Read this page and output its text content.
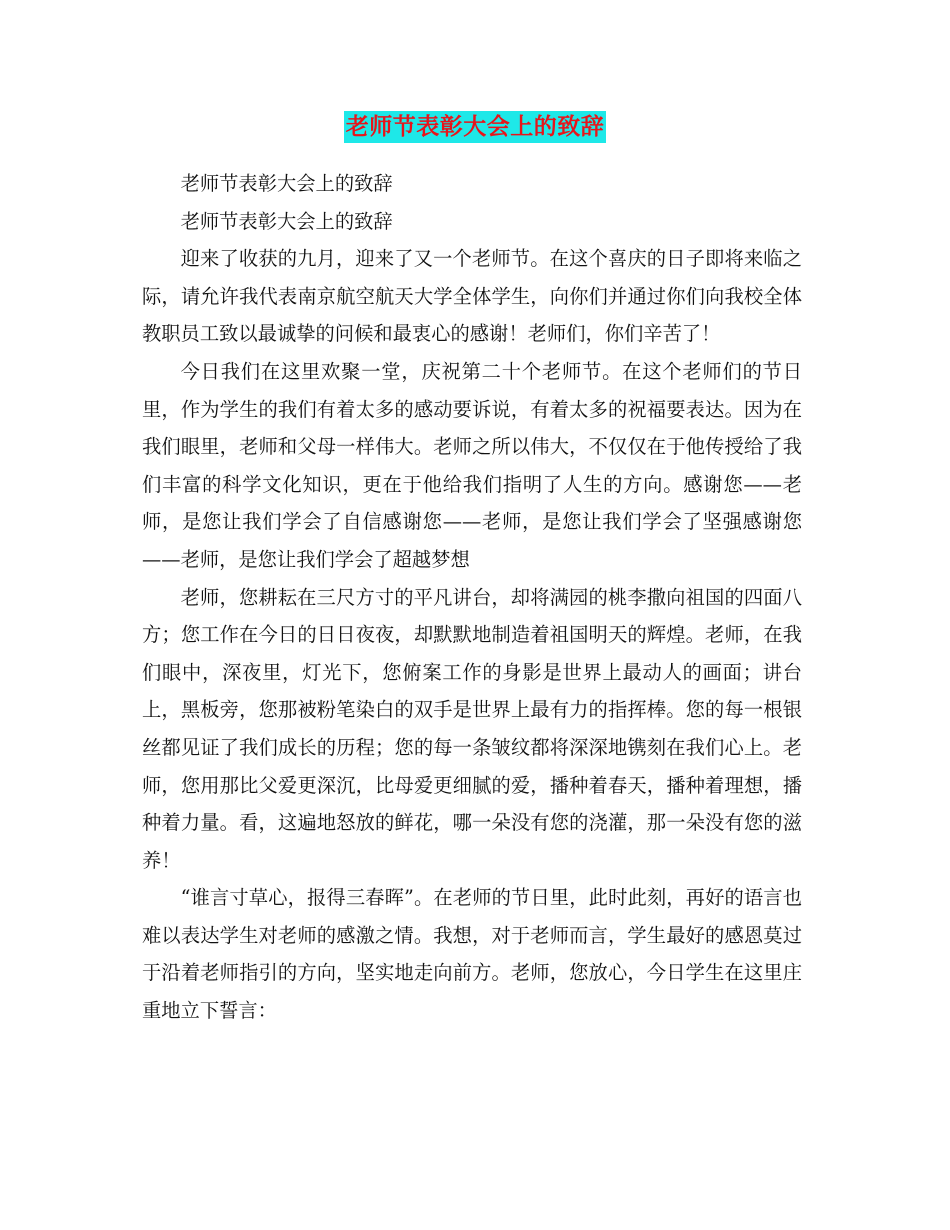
老师节表彰大会上的致辞

老师节表彰大会上的致辞

老师节表彰大会上的致辞

迎来了收获的九月，迎来了又一个老师节。在这个喜庆的日子即将来临之际，请允许我代表南京航空航天大学全体学生，向你们并通过你们向我校全体教职员工致以最诚挚的问候和最衷心的感谢！老师们，你们辛苦了！

今日我们在这里欢聚一堂，庆祝第二十个老师节。在这个老师们的节日里，作为学生的我们有着太多的感动要诉说，有着太多的祝福要表达。因为在我们眼里，老师和父母一样伟大。老师之所以伟大，不仅仅在于他传授给了我们丰富的科学文化知识，更在于他给我们指明了人生的方向。感谢您——老师，是您让我们学会了自信感谢您——老师，是您让我们学会了坚强感谢您——老师，是您让我们学会了超越梦想

老师，您耕耘在三尺方寸的平凡讲台，却将满园的桃李撒向祖国的四面八方；您工作在今日的日日夜夜，却默默地制造着祖国明天的辉煌。老师，在我们眼中，深夜里，灯光下，您俯案工作的身影是世界上最动人的画面；讲台上，黑板旁，您那被粉笔染白的双手是世界上最有力的指挥棒。您的每一根银丝都见证了我们成长的历程；您的每一条皱纹都将深深地镌刻在我们心上。老师，您用那比父爱更深沉，比母爱更细腻的爱，播种着春天，播种着理想，播种着力量。看，这遍地怒放的鲜花，哪一朵没有您的浇灌，那一朵没有您的滋养！

“谁言寸草心，报得三春晖”。在老师的节日里，此时此刻，再好的语言也难以表达学生对老师的感激之情。我想，对于老师而言，学生最好的感恩莫过于沿着老师指引的方向，坚实地走向前方。老师，您放心，今日学生在这里庄重地立下誓言：
